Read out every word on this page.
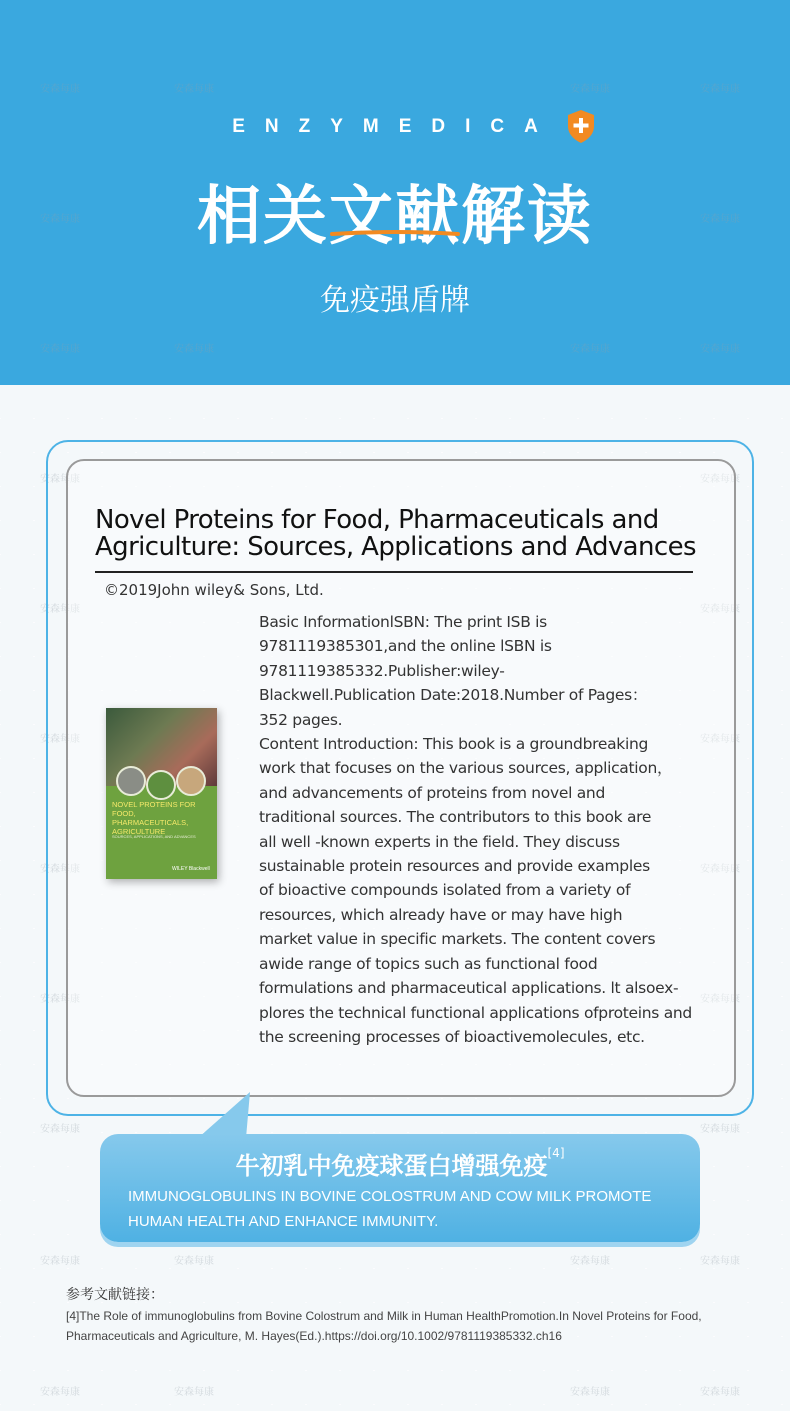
ENZYMEDICA
相关文献解读
免疫强盾牌
安森每康	安森每康	安森每康	安森每康
安森每康	安森每康
安森每康	安森每康	安森每康	安森每康
安森每康	安森每康
安森每康	安森每康
安森每康	安森每康
安森每康	安森每康
安森每康	安森每康
安森每康	安森每康
安森每康	安森每康	安森每康	安森每康
安森每康	安森每康	安森每康	安森每康
Novel Proteins for Food, Pharmaceuticals and
Agriculture: Sources, Applications and Advances
©2019John wiley& Sons, Ltd.
NOVEL PROTEINS FOR
FOOD, PHARMACEUTICALS,
AGRICULTURE
SOURCES, APPLICATIONS, AND ADVANCES
WILEY Blackwell
Basic InformationlSBN: The print ISB is
9781119385301,and the online lSBN is
9781119385332.Publisher:wiley-
Blackwell.Publication Date:2018.Number of Pages：
352 pages.
Content Introduction: This book is a groundbreaking
work that focuses on the various sources, application，
and advancements of proteins from novel and
traditional sources. The contributors to this book are
all well -known experts in the field. They discuss
sustainable protein resources and provide examples
of bioactive compounds isolated from a variety of
resources, which already have or may have high
market value in specific markets. The content covers
awide range of topics such as functional food
formulations and pharmaceutical applications. lt alsoex-
plores the technical functional applications ofproteins and
the screening processes of bioactivemolecules, etc.
牛初乳中免疫球蛋白增强免疫[4]
IMMUNOGLOBULINS IN BOVINE COLOSTRUM AND COW MILK PROMOTE
HUMAN HEALTH AND ENHANCE IMMUNITY.
参考文献链接：
[4]The Role of immunoglobulins from Bovine Colostrum and Milk in Human HealthPromotion.In Novel Proteins for Food,
Pharmaceuticals and Agriculture, M. Hayes(Ed.).https://doi.org/10.1002/9781119385332.ch16
